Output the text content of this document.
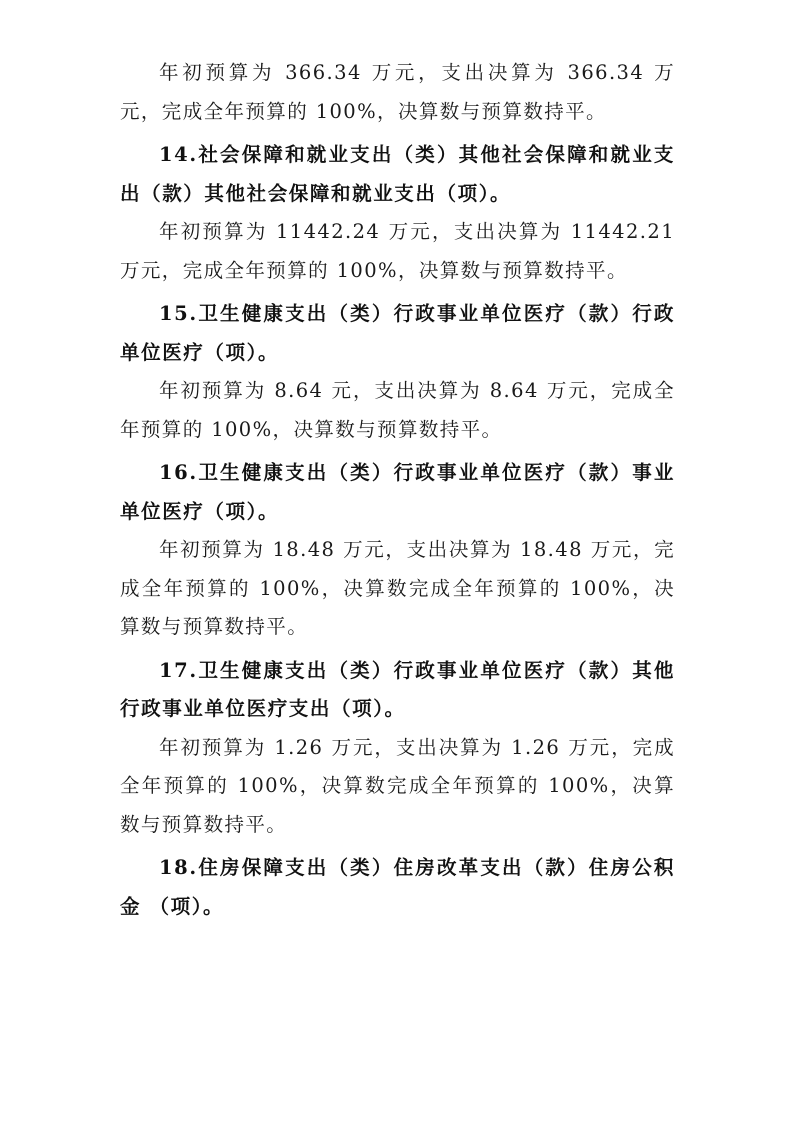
年初预算为 366.34 万元，支出决算为 366.34 万元，完成全年预算的 100%，决算数与预算数持平。

14.社会保障和就业支出（类）其他社会保障和就业支出（款）其他社会保障和就业支出（项）。

年初预算为 11442.24 万元，支出决算为 11442.21 万元，完成全年预算的 100%，决算数与预算数持平。

15.卫生健康支出（类）行政事业单位医疗（款）行政单位医疗（项）。

年初预算为 8.64 元，支出决算为 8.64 万元，完成全年预算的 100%，决算数与预算数持平。

16.卫生健康支出（类）行政事业单位医疗（款）事业单位医疗（项）。

年初预算为 18.48 万元，支出决算为 18.48 万元，完成全年预算的 100%，决算数完成全年预算的 100%，决算数与预算数持平。

17.卫生健康支出（类）行政事业单位医疗（款）其他行政事业单位医疗支出（项）。

年初预算为 1.26 万元，支出决算为 1.26 万元，完成全年预算的 100%，决算数完成全年预算的 100%，决算数与预算数持平。

18.住房保障支出（类）住房改革支出（款）住房公积金 （项）。
